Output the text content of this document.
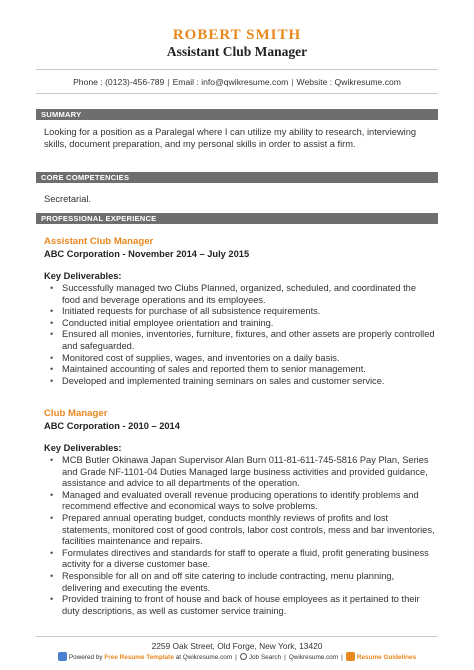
ROBERT SMITH
Assistant Club Manager
Phone : (0123)-456-789 | Email : info@qwikresume.com | Website : Qwikresume.com
SUMMARY
Looking for a position as a Paralegal where I can utilize my ability to research, interviewing skills, document preparation, and my personal skills in order to assist a firm.
CORE COMPETENCIES
Secretarial.
PROFESSIONAL EXPERIENCE
Assistant Club Manager
ABC Corporation - November 2014 – July 2015
Key Deliverables:
• Successfully managed two Clubs Planned, organized, scheduled, and coordinated the food and beverage operations and its employees.
• Initiated requests for purchase of all subsistence requirements.
• Conducted initial employee orientation and training.
• Ensured all monies, inventories, furniture, fixtures, and other assets are properly controlled and safeguarded.
• Monitored cost of supplies, wages, and inventories on a daily basis.
• Maintained accounting of sales and reported them to senior management.
• Developed and implemented training seminars on sales and customer service.
Club Manager
ABC Corporation - 2010 – 2014
Key Deliverables:
• MCB Butler Okinawa Japan Supervisor Alan Burn 011-81-611-745-5816 Pay Plan, Series and Grade NF-1101-04 Duties Managed large business activities and provided guidance, assistance and advice to all departments of the operation.
• Managed and evaluated overall revenue producing operations to identify problems and recommend effective and economical ways to solve problems.
• Prepared annual operating budget, conducts monthly reviews of profits and lost statements, monitored cost of good controls, labor cost controls, mess and bar inventories, facilities maintenance and repairs.
• Formulates directives and standards for staff to operate a fluid, profit generating business activity for a diverse customer base.
• Responsible for all on and off site catering to include contracting, menu planning, delivering and executing the events.
• Provided training to front of house and back of house employees as it pertained to their duty descriptions, as well as customer service training.
2259 Oak Street, Old Forge, New York, 13420
Powered by Free Resume Template at Qwikresume.com | Job Search | Qwikresume.com | Resume Guidelines
